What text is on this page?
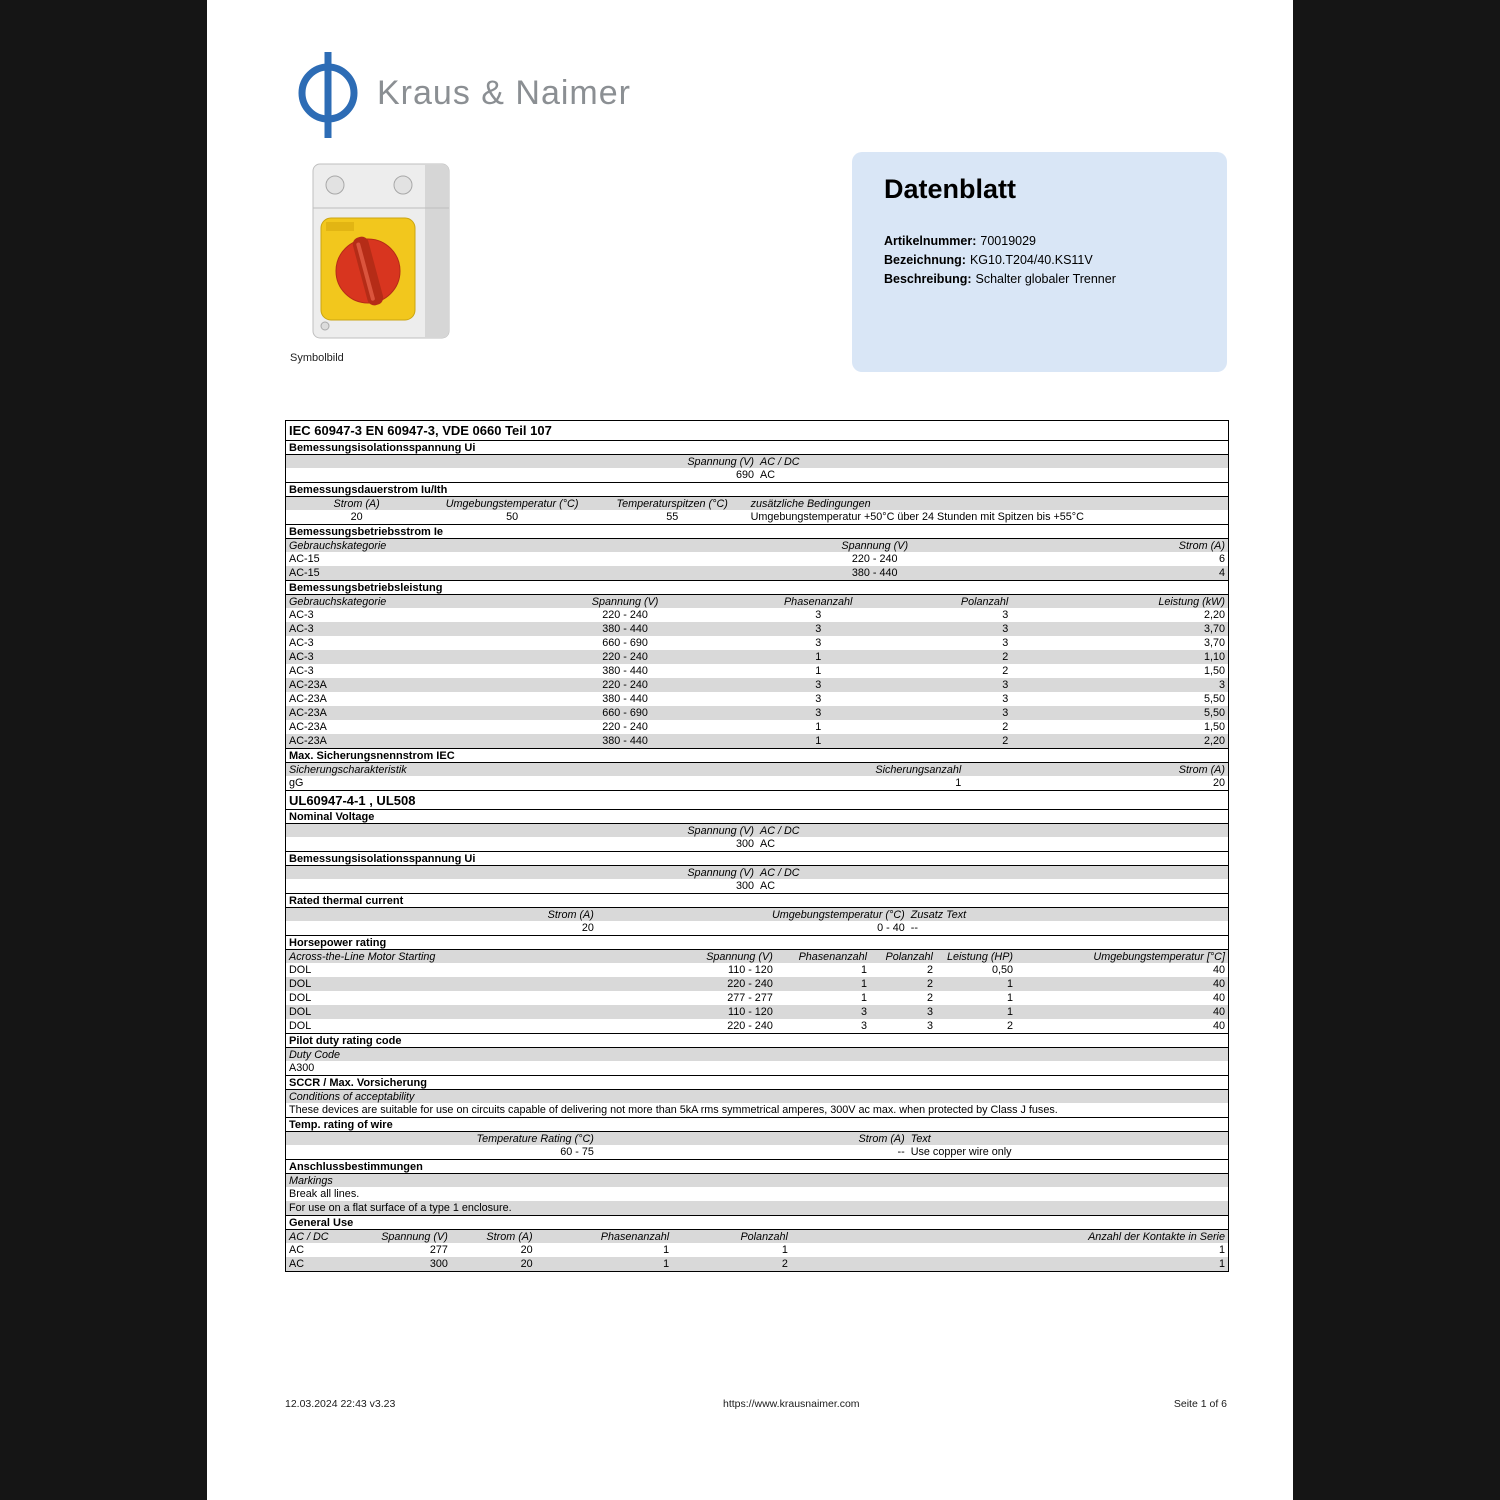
Kraus & Naimer
Symbolbild
Datenblatt
Artikelnummer: 70019029
Bezeichnung: KG10.T204/40.KS11V
Beschreibung: Schalter globaler Trenner
IEC 60947-3 EN 60947-3, VDE 0660 Teil 107
Bemessungsisolationsspannung Ui
Spannung (V) AC / DC
690 AC
Bemessungsdauerstrom Iu/Ith
Strom (A)	Umgebungstemperatur (°C)	Temperaturspitzen (°C)	zusätzliche Bedingungen
20	50	55	Umgebungstemperatur +50°C über 24 Stunden mit Spitzen bis +55°C
Bemessungsbetriebsstrom Ie
Gebrauchskategorie	Spannung (V)	Strom (A)
AC-15	220 - 240	6
AC-15	380 - 440	4
Bemessungsbetriebsleistung
Gebrauchskategorie	Spannung (V)	Phasenanzahl	Polanzahl	Leistung (kW)
AC-3	220 - 240	3	3	2,20
AC-3	380 - 440	3	3	3,70
AC-3	660 - 690	3	3	3,70
AC-3	220 - 240	1	2	1,10
AC-3	380 - 440	1	2	1,50
AC-23A	220 - 240	3	3	3
AC-23A	380 - 440	3	3	5,50
AC-23A	660 - 690	3	3	5,50
AC-23A	220 - 240	1	2	1,50
AC-23A	380 - 440	1	2	2,20
Max. Sicherungsnennstrom IEC
Sicherungscharakteristik	Sicherungsanzahl	Strom (A)
gG	1	20
UL60947-4-1 , UL508
Nominal Voltage
Spannung (V) AC / DC
300 AC
Bemessungsisolationsspannung Ui
Spannung (V) AC / DC
300 AC
Rated thermal current
Strom (A)	Umgebungstemperatur (°C) Zusatz Text
20	0 - 40 --
Horsepower rating
Across-the-Line Motor Starting	Spannung (V)	Phasenanzahl	Polanzahl	Leistung (HP)	Umgebungstemperatur [°C]
DOL	110 - 120	1	2	0,50	40
DOL	220 - 240	1	2	1	40
DOL	277 - 277	1	2	1	40
DOL	110 - 120	3	3	1	40
DOL	220 - 240	3	3	2	40
Pilot duty rating code
Duty Code
A300
SCCR / Max. Vorsicherung
Conditions of acceptability
These devices are suitable for use on circuits capable of delivering not more than 5kA rms symmetrical amperes, 300V ac max. when protected by Class J fuses.
Temp. rating of wire
Temperature Rating (°C)	Strom (A) Text
60 - 75	-- Use copper wire only
Anschlussbestimmungen
Markings
Break all lines.
For use on a flat surface of a type 1 enclosure.
General Use
AC / DC	Spannung (V)	Strom (A)	Phasenanzahl	Polanzahl	Anzahl der Kontakte in Serie
AC	277	20	1	1	1
AC	300	20	1	2	1
12.03.2024 22:43 v3.23	https://www.krausnaimer.com	Seite 1 of 6
